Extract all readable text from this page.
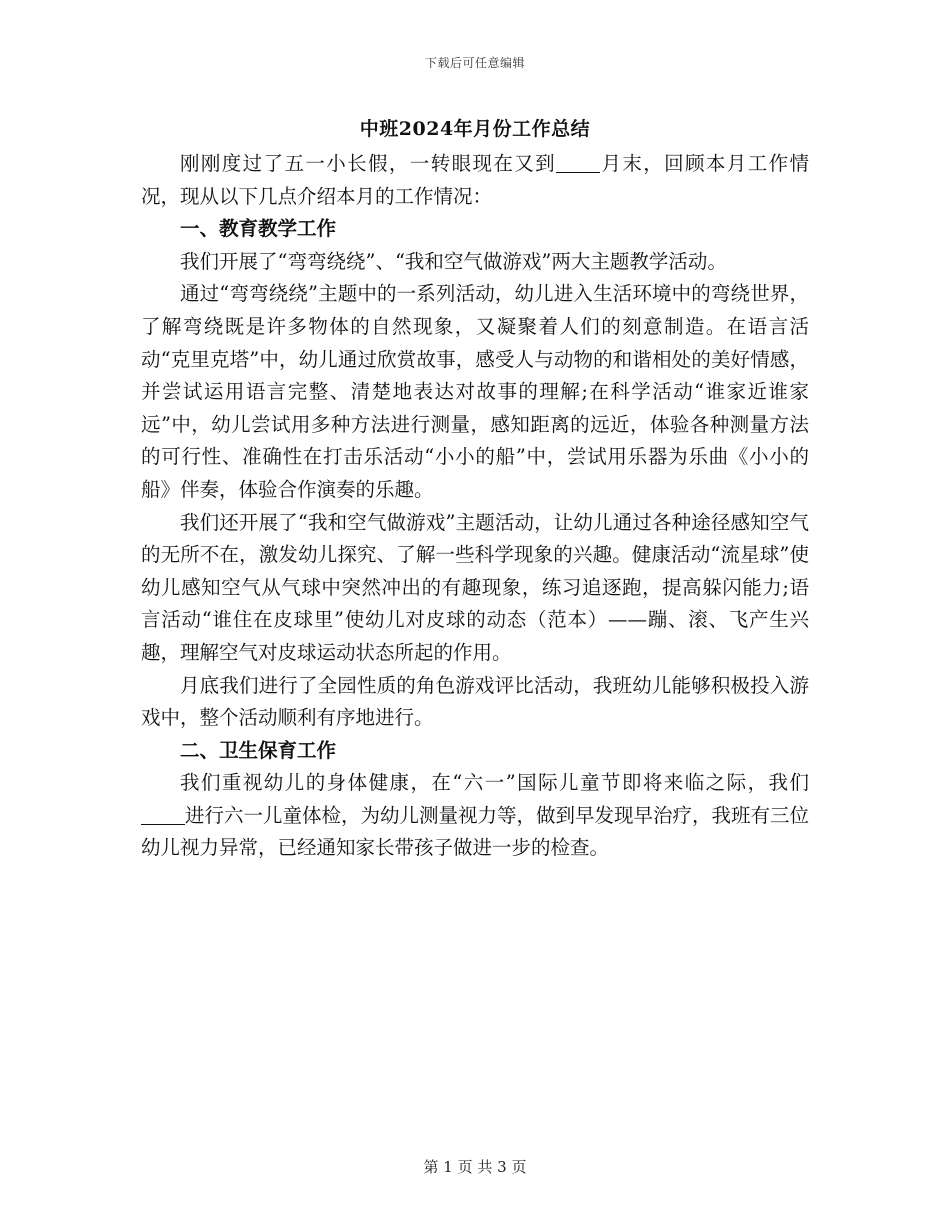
下载后可任意编辑
中班2024年月份工作总结

刚刚度过了五一小长假，一转眼现在又到 月末，回顾本月工作情况，现从以下几点介绍本月的工作情况：

一、教育教学工作

我们开展了“弯弯绕绕”、“我和空气做游戏”两大主题教学活动。

通过“弯弯绕绕”主题中的一系列活动，幼儿进入生活环境中的弯绕世界，了解弯绕既是许多物体的自然现象，又凝聚着人们的刻意制造。在语言活动“克里克塔”中，幼儿通过欣赏故事，感受人与动物的和谐相处的美好情感，并尝试运用语言完整、清楚地表达对故事的理解;在科学活动“谁家近谁家远”中，幼儿尝试用多种方法进行测量，感知距离的远近，体验各种测量方法的可行性、准确性在打击乐活动“小小的船”中，尝试用乐器为乐曲《小小的船》伴奏，体验合作演奏的乐趣。

我们还开展了“我和空气做游戏”主题活动，让幼儿通过各种途径感知空气的无所不在，激发幼儿探究、了解一些科学现象的兴趣。健康活动“流星球”使幼儿感知空气从气球中突然冲出的有趣现象，练习追逐跑，提高躲闪能力;语言活动“谁住在皮球里”使幼儿对皮球的动态（范本）——蹦、滚、飞产生兴趣，理解空气对皮球运动状态所起的作用。

月底我们进行了全园性质的角色游戏评比活动，我班幼儿能够积极投入游戏中，整个活动顺利有序地进行。

二、卫生保育工作

我们重视幼儿的身体健康，在“六一”国际儿童节即将来临之际，我们进行六一儿童体检，为幼儿测量视力等，做到早发现早治疗，我班有三位幼儿视力异常，已经通知家长带孩子做进一步的检查。

第 1 页 共 3 页
